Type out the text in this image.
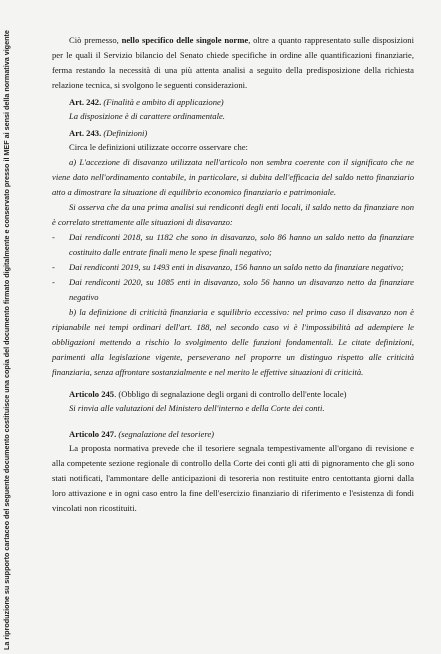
La riproduzione su supporto cartaceo del seguente documento costituisce una copia del documento firmato digitalmente e conservato presso il MEF ai sensi della normativa vigente	Ciò premesso, nello specifico delle singole norme, oltre a quanto rappresentato sulle disposizioni per le quali il Servizio bilancio del Senato chiede specifiche in ordine alle quantificazioni finanziarie, ferma restando la necessità di una più attenta analisi a seguito della predisposizione della richiesta relazione tecnica, si svolgono le seguenti considerazioni.

Art. 242. (Finalità e ambito di applicazione)

La disposizione è di carattere ordinamentale.

Art. 243. (Definizioni)

Circa le definizioni utilizzate occorre osservare che:

a) L'accezione di disavanzo utilizzata nell'articolo non sembra coerente con il significato che ne viene dato nell'ordinamento contabile, in particolare, si dubita dell'efficacia del saldo netto finanziario atto a dimostrare la situazione di equilibrio economico finanziario e patrimoniale.

Si osserva che da una prima analisi sui rendiconti degli enti locali, il saldo netto da finanziare non è correlato strettamente alle situazioni di disavanzo:

- Dai rendiconti 2018, su 1182 che sono in disavanzo, solo 86 hanno un saldo netto da finanziare costituito dalle entrate finali meno le spese finali negativo;
- Dai rendiconti 2019, su 1493 enti in disavanzo, 156 hanno un saldo netto da finanziare negativo;
- Dai rendiconti 2020, su 1085 enti in disavanzo, solo 56 hanno un disavanzo netto da finanziare negativo

b) la definizione di criticità finanziaria e squilibrio eccessivo: nel primo caso il disavanzo non è ripianabile nei tempi ordinari dell'art. 188, nel secondo caso vi è l'impossibilità ad adempiere le obbligazioni mettendo a rischio lo svolgimento delle funzioni fondamentali. Le citate definizioni, parimenti alla legislazione vigente, perseverano nel proporre un distinguo rispetto alle criticità finanziaria, senza affrontare sostanzialmente e nel merito le effettive situazioni di criticità.

Articolo 245. (Obbligo di segnalazione degli organi di controllo dell'ente locale)

Si rinvia alle valutazioni del Ministero dell'interno e della Corte dei conti.

Articolo 247. (segnalazione del tesoriere)

La proposta normativa prevede che il tesoriere segnala tempestivamente all'organo di revisione e alla competente sezione regionale di controllo della Corte dei conti gli atti di pignoramento che gli sono stati notificati, l'ammontare delle anticipazioni di tesoreria non restituite entro centottanta giorni dalla loro attivazione e in ogni caso entro la fine dell'esercizio finanziario di riferimento e l'esistenza di fondi vincolati non ricostituiti.
